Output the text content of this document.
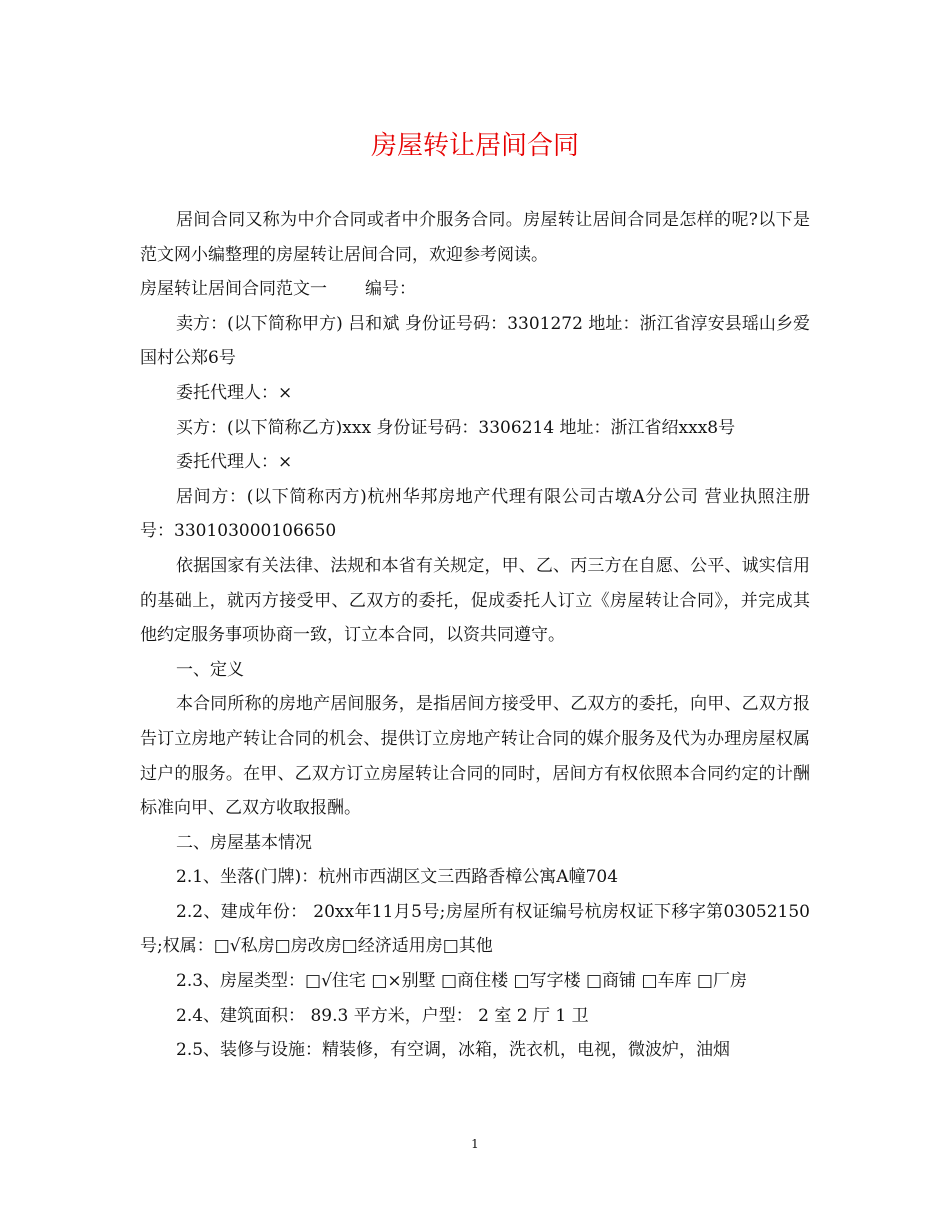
房屋转让居间合同

居间合同又称为中介合同或者中介服务合同。房屋转让居间合同是怎样的呢?以下是范文网小编整理的房屋转让居间合同，欢迎参考阅读。

房屋转让居间合同范文一 编号：

卖方：(以下简称甲方) 吕和斌 身份证号码：3301272 地址：浙江省淳安县瑶山乡爱国村公郑6号

委托代理人：×

买方：(以下简称乙方)xxx 身份证号码：3306214 地址：浙江省绍xxx8号

委托代理人：×

居间方：(以下简称丙方)杭州华邦房地产代理有限公司古墩A分公司 营业执照注册号：330103000106650

依据国家有关法律、法规和本省有关规定，甲、乙、丙三方在自愿、公平、诚实信用的基础上，就丙方接受甲、乙双方的委托，促成委托人订立《房屋转让合同》，并完成其他约定服务事项协商一致，订立本合同，以资共同遵守。

一、定义

本合同所称的房地产居间服务，是指居间方接受甲、乙双方的委托，向甲、乙双方报告订立房地产转让合同的机会、提供订立房地产转让合同的媒介服务及代为办理房屋权属过户的服务。在甲、乙双方订立房屋转让合同的同时，居间方有权依照本合同约定的计酬标准向甲、乙双方收取报酬。

二、房屋基本情况

2.1、坐落(门牌)：杭州市西湖区文三西路香樟公寓A幢704

2.2、建成年份： 20xx年11月5号;房屋所有权证编号杭房权证下移字第03052150号;权属：□√私房□房改房□经济适用房□其他

2.3、房屋类型：□√住宅 □×别墅 □商住楼 □写字楼 □商铺 □车库 □厂房

2.4、建筑面积： 89.3 平方米，户型： 2 室 2 厅 1 卫

2.5、装修与设施：精装修，有空调，冰箱，洗衣机，电视，微波炉，油烟

1
